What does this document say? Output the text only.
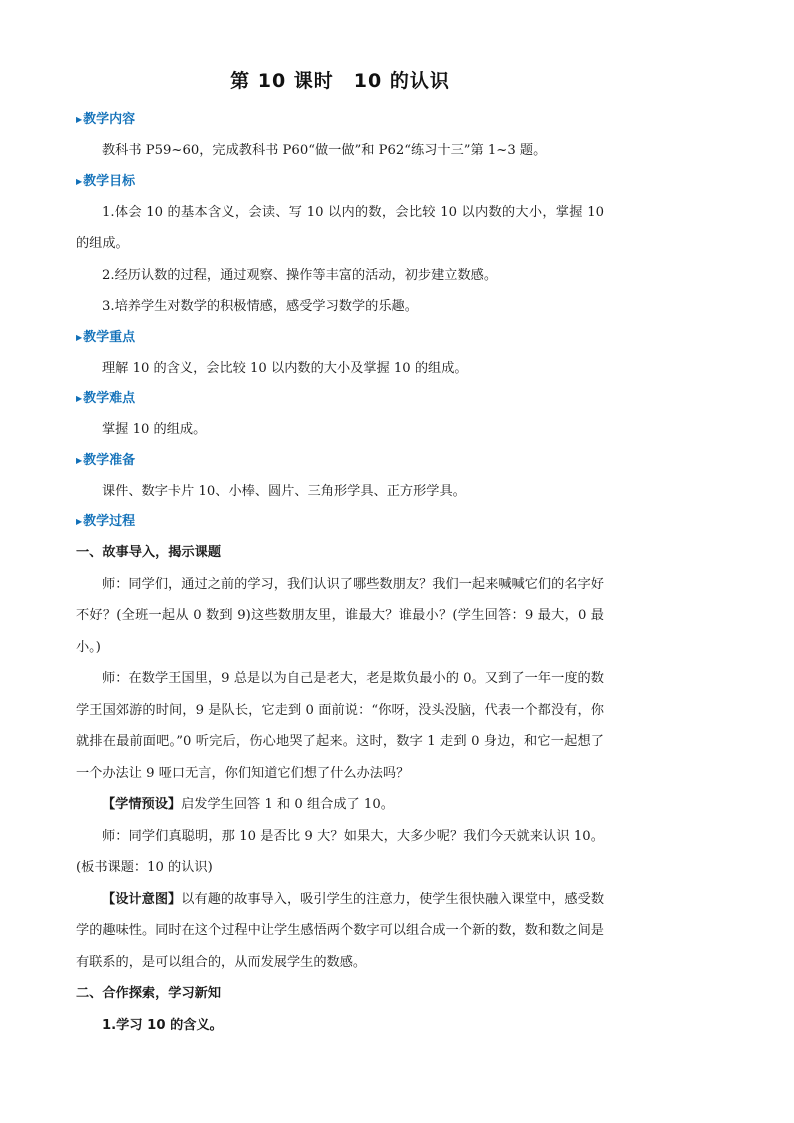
第 10 课时 10 的认识
▶教学内容

教科书 P59~60，完成教科书 P60“做一做”和 P62“练习十三”第 1~3 题。

▶教学目标

1.体会 10 的基本含义，会读、写 10 以内的数，会比较 10 以内数的大小，掌握 10 的组成。

2.经历认数的过程，通过观察、操作等丰富的活动，初步建立数感。

3.培养学生对数学的积极情感，感受学习数学的乐趣。

▶教学重点

理解 10 的含义，会比较 10 以内数的大小及掌握 10 的组成。

▶教学难点

掌握 10 的组成。

▶教学准备

课件、数字卡片 10、小棒、圆片、三角形学具、正方形学具。

▶教学过程
一、故事导入，揭示课题

师：同学们，通过之前的学习，我们认识了哪些数朋友？我们一起来喊喊它们的名字好不好？(全班一起从 0 数到 9)这些数朋友里，谁最大？谁最小？(学生回答：9 最大，0 最小。)

师：在数学王国里，9 总是以为自己是老大，老是欺负最小的 0。又到了一年一度的数学王国郊游的时间，9 是队长，它走到 0 面前说：“你呀，没头没脑，代表一个都没有，你就排在最前面吧。”0 听完后，伤心地哭了起来。这时，数字 1 走到 0 身边，和它一起想了一个办法让 9 哑口无言，你们知道它们想了什么办法吗？

【学情预设】启发学生回答 1 和 0 组合成了 10。

师：同学们真聪明，那 10 是否比 9 大？如果大，大多少呢？我们今天就来认识 10。(板书课题：10 的认识)

【设计意图】以有趣的故事导入，吸引学生的注意力，使学生很快融入课堂中，感受数学的趣味性。同时在这个过程中让学生感悟两个数字可以组合成一个新的数，数和数之间是有联系的，是可以组合的，从而发展学生的数感。

二、合作探索，学习新知
1.学习 10 的含义。
